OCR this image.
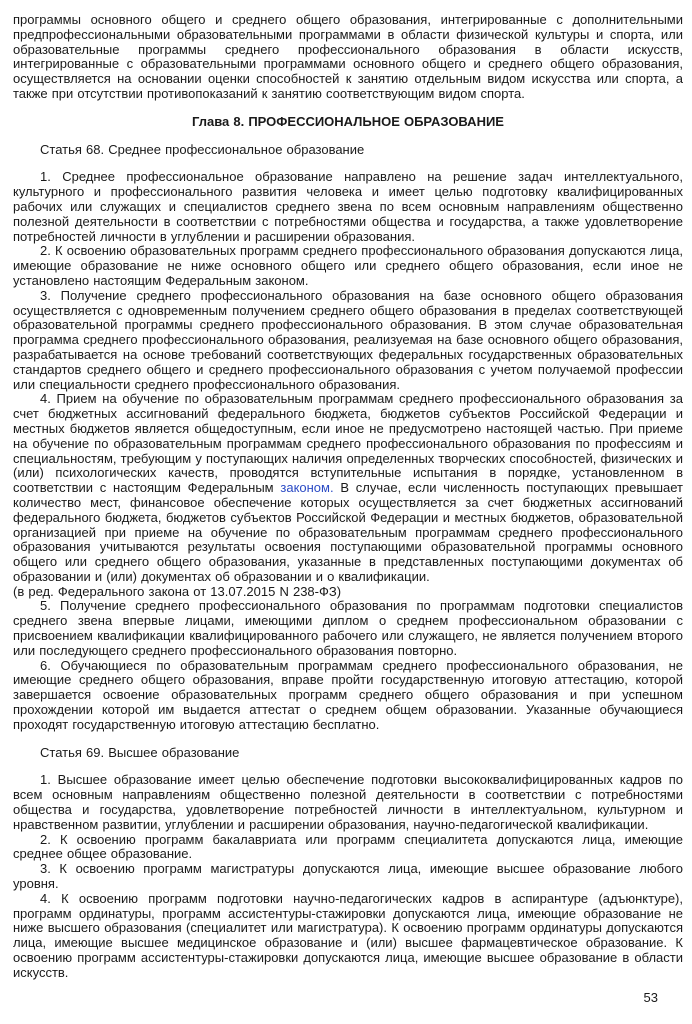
программы основного общего и среднего общего образования, интегрированные с дополнительными предпрофессиональными образовательными программами в области физической культуры и спорта, или образовательные программы среднего профессионального образования в области искусств, интегрированные с образовательными программами основного общего и среднего общего образования, осуществляется на основании оценки способностей к занятию отдельным видом искусства или спорта, а также при отсутствии противопоказаний к занятию соответствующим видом спорта.

Глава 8. ПРОФЕССИОНАЛЬНОЕ ОБРАЗОВАНИЕ

Статья 68. Среднее профессиональное образование

1. Среднее профессиональное образование направлено на решение задач интеллектуального, культурного и профессионального развития человека и имеет целью подготовку квалифицированных рабочих или служащих и специалистов среднего звена по всем основным направлениям общественно полезной деятельности в соответствии с потребностями общества и государства, а также удовлетворение потребностей личности в углублении и расширении образования.

2. К освоению образовательных программ среднего профессионального образования допускаются лица, имеющие образование не ниже основного общего или среднего общего образования, если иное не установлено настоящим Федеральным законом.

3. Получение среднего профессионального образования на базе основного общего образования осуществляется с одновременным получением среднего общего образования в пределах соответствующей образовательной программы среднего профессионального образования. В этом случае образовательная программа среднего профессионального образования, реализуемая на базе основного общего образования, разрабатывается на основе требований соответствующих федеральных государственных образовательных стандартов среднего общего и среднего профессионального образования с учетом получаемой профессии или специальности среднего профессионального образования.

4. Прием на обучение по образовательным программам среднего профессионального образования за счет бюджетных ассигнований федерального бюджета, бюджетов субъектов Российской Федерации и местных бюджетов является общедоступным, если иное не предусмотрено настоящей частью. При приеме на обучение по образовательным программам среднего профессионального образования по профессиям и специальностям, требующим у поступающих наличия определенных творческих способностей, физических и (или) психологических качеств, проводятся вступительные испытания в порядке, установленном в соответствии с настоящим Федеральным законом. В случае, если численность поступающих превышает количество мест, финансовое обеспечение которых осуществляется за счет бюджетных ассигнований федерального бюджета, бюджетов субъектов Российской Федерации и местных бюджетов, образовательной организацией при приеме на обучение по образовательным программам среднего профессионального образования учитываются результаты освоения поступающими образовательной программы основного общего или среднего общего образования, указанные в представленных поступающими документах об образовании и (или) документах об образовании и о квалификации.

(в ред. Федерального закона от 13.07.2015 N 238-ФЗ)

5. Получение среднего профессионального образования по программам подготовки специалистов среднего звена впервые лицами, имеющими диплом о среднем профессиональном образовании с присвоением квалификации квалифицированного рабочего или служащего, не является получением второго или последующего среднего профессионального образования повторно.

6. Обучающиеся по образовательным программам среднего профессионального образования, не имеющие среднего общего образования, вправе пройти государственную итоговую аттестацию, которой завершается освоение образовательных программ среднего общего образования и при успешном прохождении которой им выдается аттестат о среднем общем образовании. Указанные обучающиеся проходят государственную итоговую аттестацию бесплатно.

Статья 69. Высшее образование

1. Высшее образование имеет целью обеспечение подготовки высококвалифицированных кадров по всем основным направлениям общественно полезной деятельности в соответствии с потребностями общества и государства, удовлетворение потребностей личности в интеллектуальном, культурном и нравственном развитии, углублении и расширении образования, научно-педагогической квалификации.

2. К освоению программ бакалавриата или программ специалитета допускаются лица, имеющие среднее общее образование.

3. К освоению программ магистратуры допускаются лица, имеющие высшее образование любого уровня.

4. К освоению программ подготовки научно-педагогических кадров в аспирантуре (адъюнктуре), программ ординатуры, программ ассистентуры-стажировки допускаются лица, имеющие образование не ниже высшего образования (специалитет или магистратура). К освоению программ ординатуры допускаются лица, имеющие высшее медицинское образование и (или) высшее фармацевтическое образование. К освоению программ ассистентуры-стажировки допускаются лица, имеющие высшее образование в области искусств.

53
